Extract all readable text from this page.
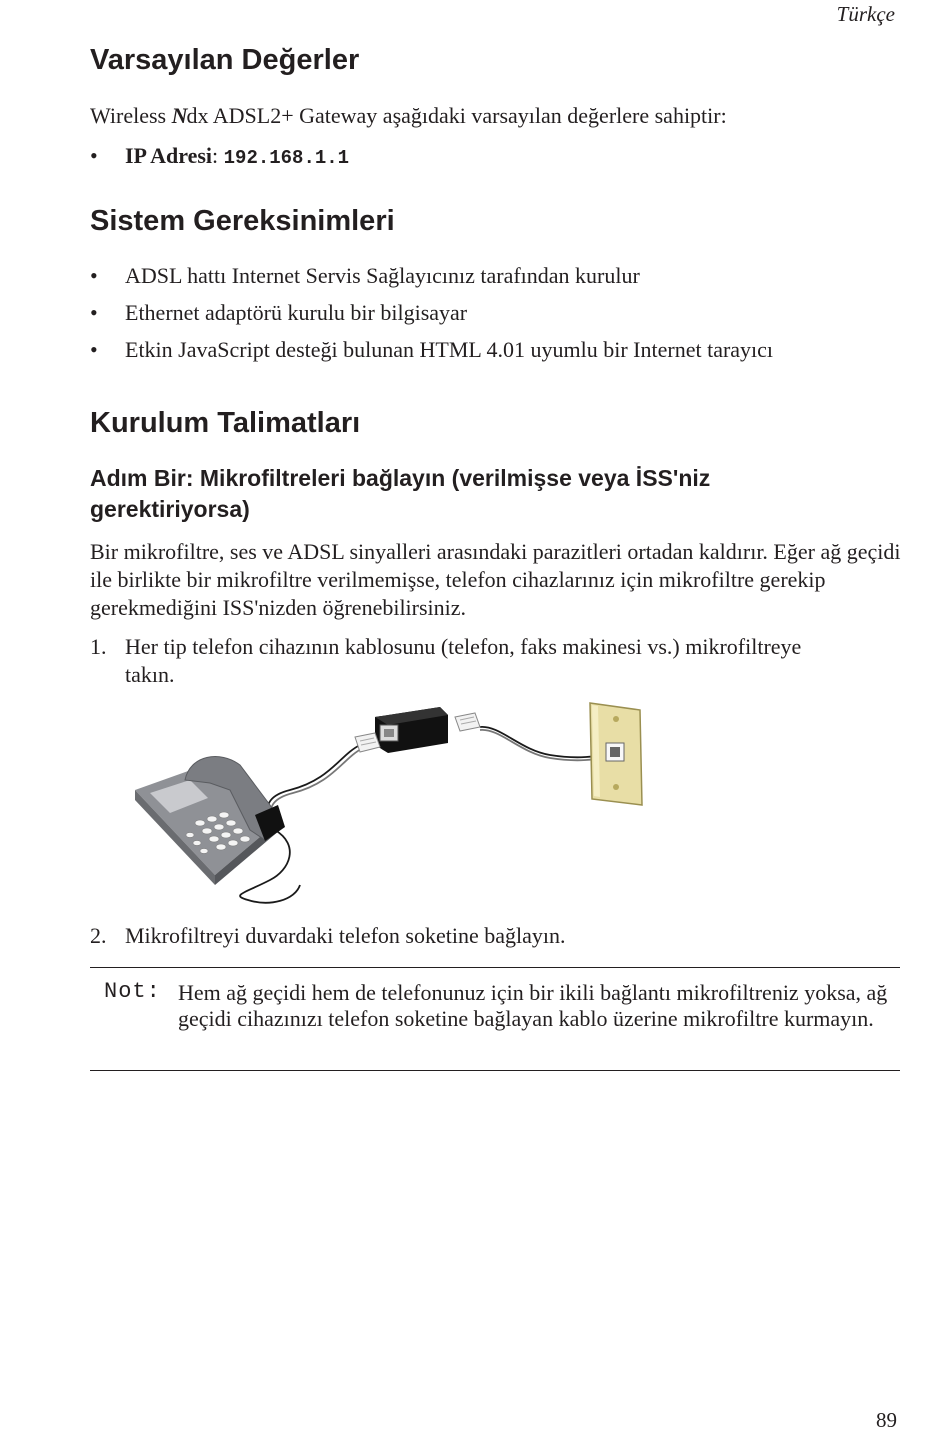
Türkçe
Varsayılan Değerler
Wireless Ndx ADSL2+ Gateway aşağıdaki varsayılan değerlere sahiptir:
• IP Adresi: 192.168.1.1
Sistem Gereksinimleri
• ADSL hattı Internet Servis Sağlayıcınız tarafından kurulur
• Ethernet adaptörü kurulu bir bilgisayar
• Etkin JavaScript desteği bulunan HTML 4.01 uyumlu bir Internet tarayıcı
Kurulum Talimatları
Adım Bir: Mikrofiltreleri bağlayın (verilmişse veya İSS'niz gerektiriyorsa)

Bir mikrofiltre, ses ve ADSL sinyalleri arasındaki parazitleri ortadan kaldırır. Eğer ağ geçidi ile birlikte bir mikrofiltre verilmemişse, telefon cihazlarınız için mikrofiltre gerekip gerekmediğini ISS'nizden öğrenebilirsiniz.

1. Her tip telefon cihazının kablosunu (telefon, faks makinesi vs.) mikrofiltreye takın.
2. Mikrofiltreyi duvardaki telefon soketine bağlayın.
Not: Hem ağ geçidi hem de telefonunuz için bir ikili bağlantı mikrofiltreniz yoksa, ağ geçidi cihazınızı telefon soketine bağlayan kablo üzerine mikrofiltre kurmayın.
89
